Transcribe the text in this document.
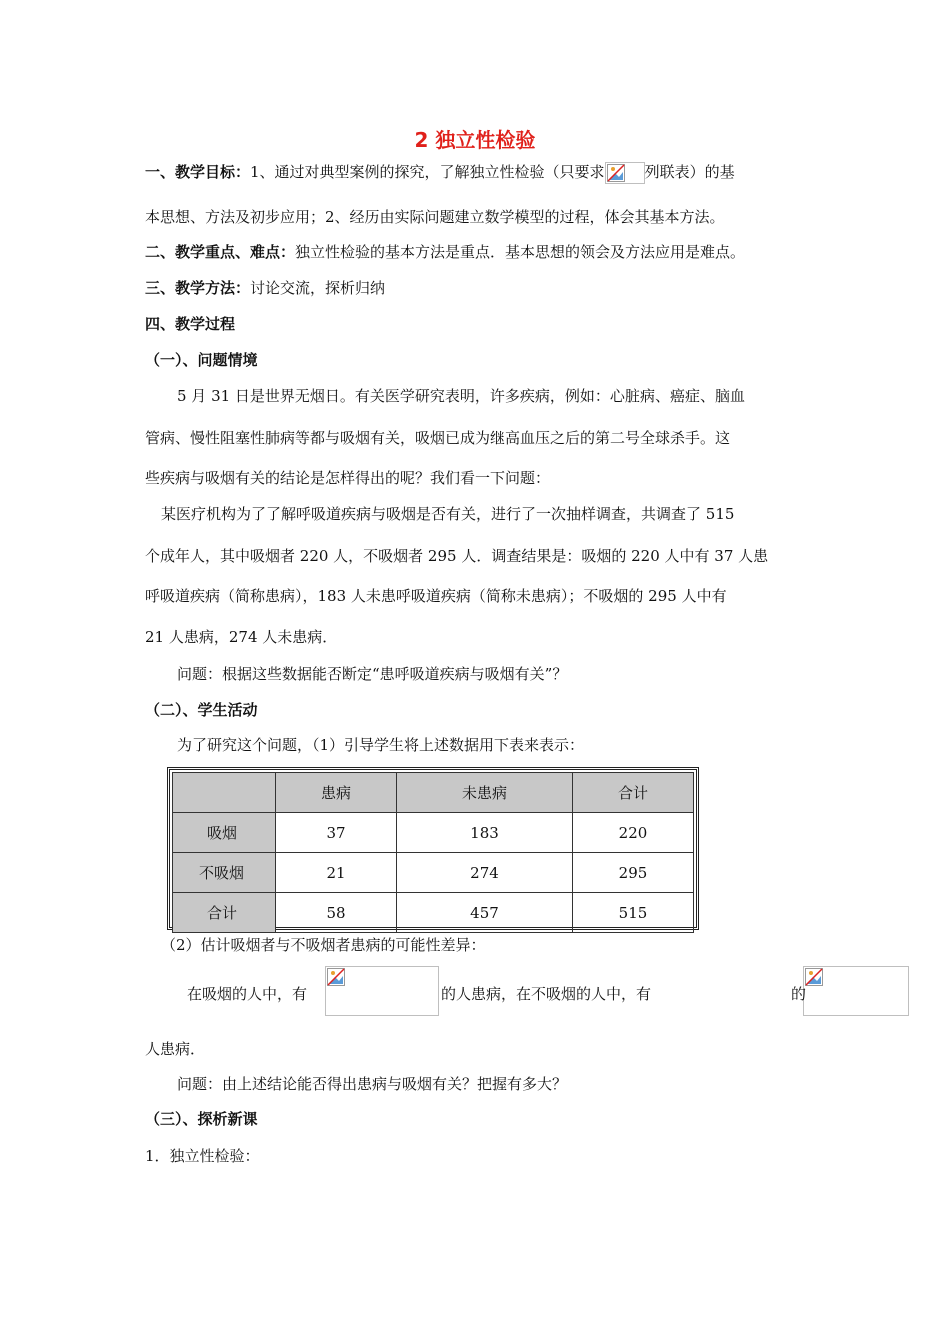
2 独立性检验
一、教学目标：1、通过对典型案例的探究，了解独立性检验（只要求	列联表）的基
本思想、方法及初步应用；2、经历由实际问题建立数学模型的过程，体会其基本方法。
二、教学重点、难点：独立性检验的基本方法是重点．基本思想的领会及方法应用是难点。
三、教学方法：讨论交流，探析归纳
四、教学过程
（一）、问题情境
5 月 31 日是世界无烟日。有关医学研究表明，许多疾病，例如：心脏病、癌症、脑血
管病、慢性阻塞性肺病等都与吸烟有关，吸烟已成为继高血压之后的第二号全球杀手。这
些疾病与吸烟有关的结论是怎样得出的呢？我们看一下问题：
某医疗机构为了了解呼吸道疾病与吸烟是否有关，进行了一次抽样调查，共调查了 515
个成年人，其中吸烟者 220 人，不吸烟者 295 人．调查结果是：吸烟的 220 人中有 37 人患
呼吸道疾病（简称患病），183 人未患呼吸道疾病（简称未患病）；不吸烟的 295 人中有
21 人患病，274 人未患病．
问题：根据这些数据能否断定“患呼吸道疾病与吸烟有关”？
（二）、学生活动
为了研究这个问题，（1）引导学生将上述数据用下表来表示：
	患病	未患病	合计
吸烟	37	183	220
不吸烟	21	274	295
合计	58	457	515
（2）估计吸烟者与不吸烟者患病的可能性差异：
在吸烟的人中，有
	的人患病，在不吸烟的人中，有	的
人患病．
问题：由上述结论能否得出患病与吸烟有关？把握有多大？
（三）、探析新课
1．独立性检验：
